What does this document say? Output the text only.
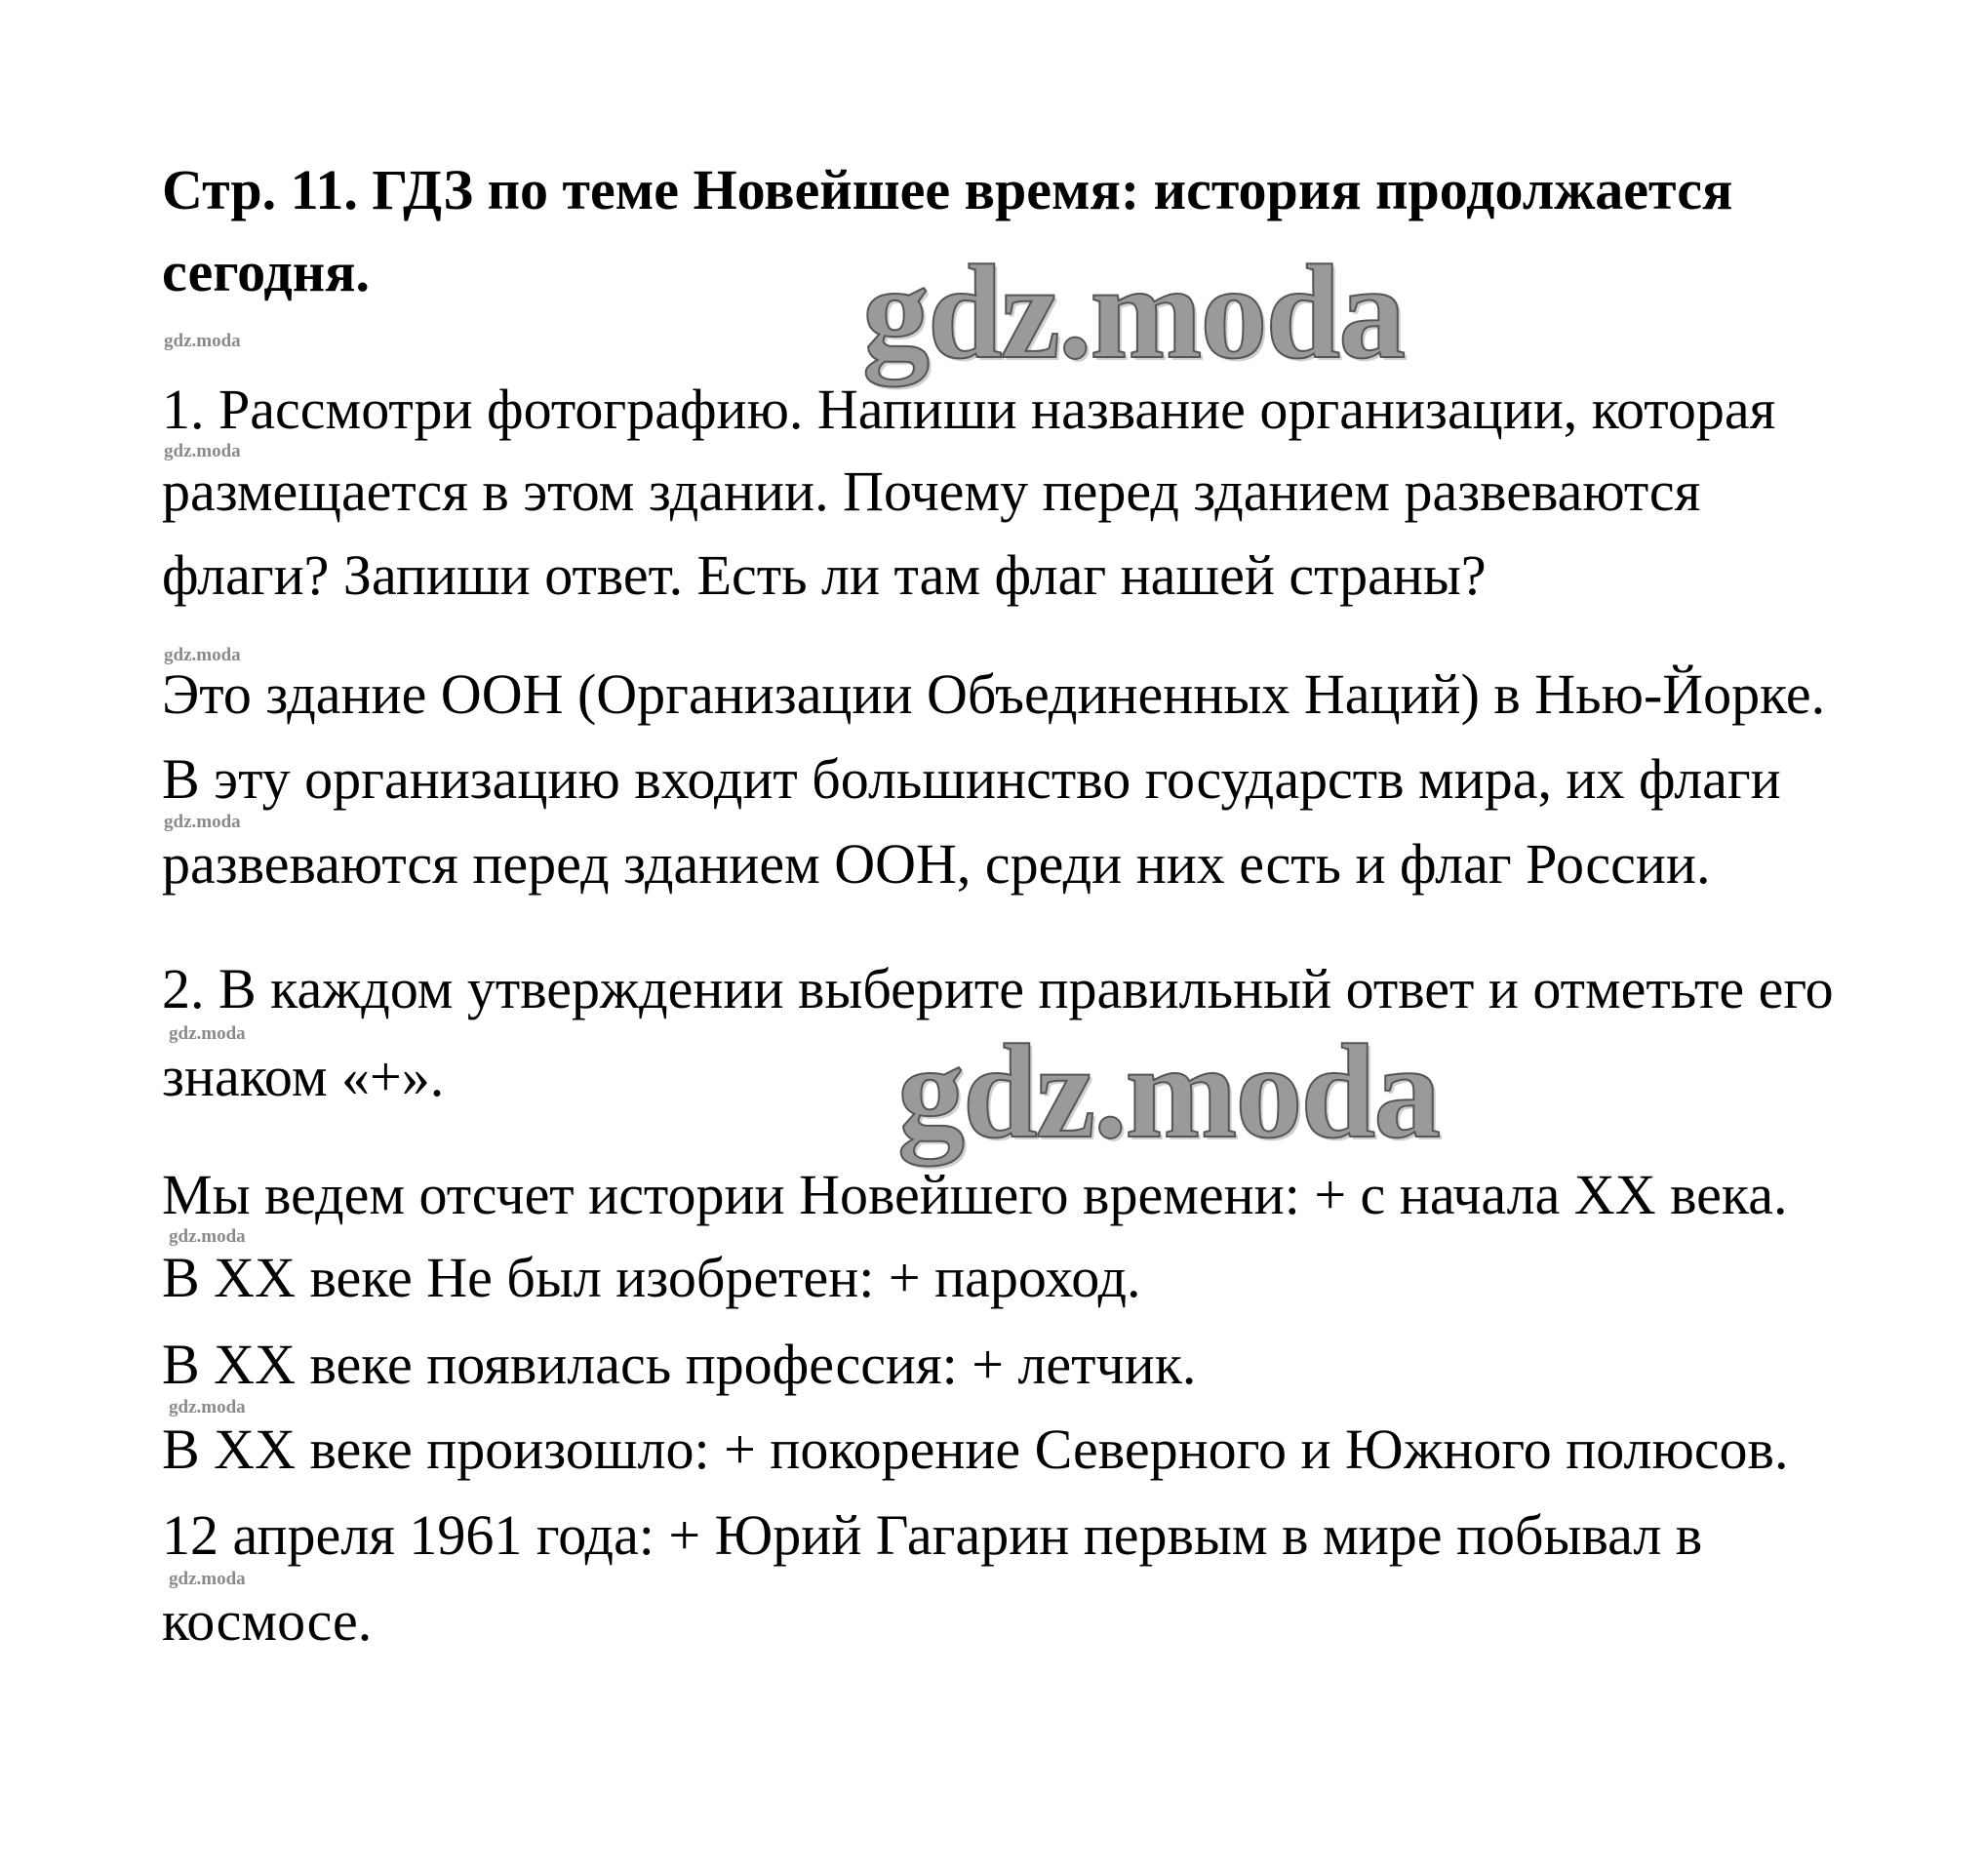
Стр. 11. ГДЗ по теме Новейшее время: история продолжается
сегодня.	gdz.moda
gdz.moda
gdz.moda
gdz.moda
gdz.moda
gdz.moda
gdz.moda
gdz.moda
gdz.moda
gdz.moda
1. Рассмотри фотографию. Напиши название организации, которая
размещается в этом здании. Почему перед зданием развеваются
флаги? Запиши ответ. Есть ли там флаг нашей страны?
Это здание ООН (Организации Объединенных Наций) в Нью-Йорке.
В эту организацию входит большинство государств мира, их флаги
развеваются перед зданием ООН, среди них есть и флаг России.
2. В каждом утверждении выберите правильный ответ и отметьте его
знаком «+».
Мы ведем отсчет истории Новейшего времени: + с начала XX века.
В XX веке Не был изобретен: + пароход.
В XX веке появилась профессия: + летчик.
В XX веке произошло: + покорение Северного и Южного полюсов.
12 апреля 1961 года: + Юрий Гагарин первым в мире побывал в
космосе.
